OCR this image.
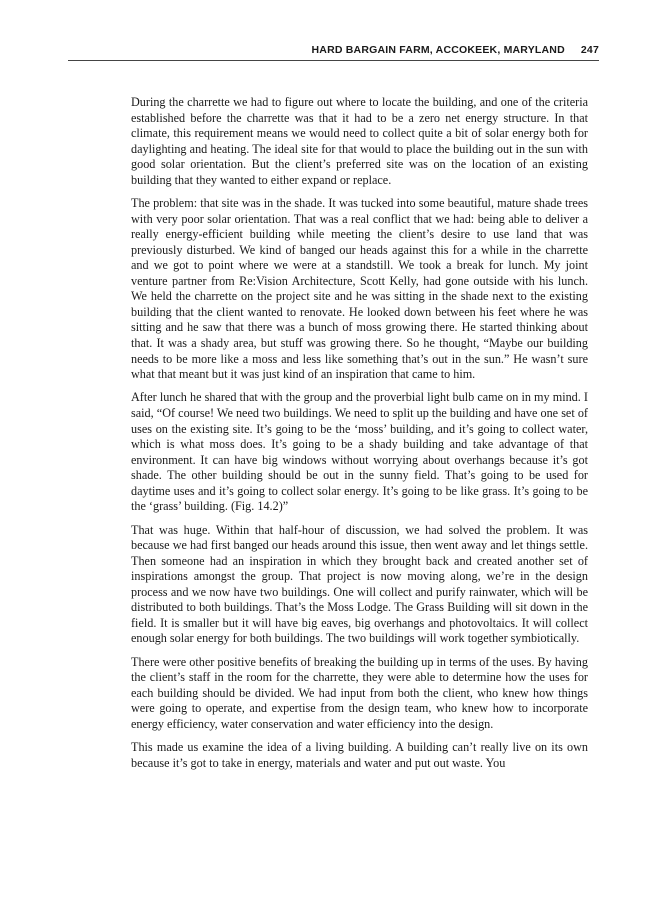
HARD BARGAIN FARM, ACCOKEEK, MARYLAND 247

During the charrette we had to figure out where to locate the building, and one of the criteria established before the charrette was that it had to be a zero net energy structure. In that climate, this requirement means we would need to collect quite a bit of solar energy both for daylighting and heating. The ideal site for that would to place the building out in the sun with good solar orientation. But the client’s preferred site was on the location of an existing building that they wanted to either expand or replace.

The problem: that site was in the shade. It was tucked into some beautiful, mature shade trees with very poor solar orientation. That was a real conflict that we had: being able to deliver a really energy-efficient building while meeting the client’s desire to use land that was previously disturbed. We kind of banged our heads against this for a while in the charrette and we got to point where we were at a standstill. We took a break for lunch. My joint venture partner from Re:Vision Architecture, Scott Kelly, had gone outside with his lunch. We held the charrette on the project site and he was sitting in the shade next to the existing building that the client wanted to renovate. He looked down between his feet where he was sitting and he saw that there was a bunch of moss growing there. He started thinking about that. It was a shady area, but stuff was growing there. So he thought, “Maybe our building needs to be more like a moss and less like something that’s out in the sun.” He wasn’t sure what that meant but it was just kind of an inspiration that came to him.

After lunch he shared that with the group and the proverbial light bulb came on in my mind. I said, “Of course! We need two buildings. We need to split up the building and have one set of uses on the existing site. It’s going to be the ‘moss’ building, and it’s going to collect water, which is what moss does. It’s going to be a shady building and take advantage of that environment. It can have big windows without worrying about overhangs because it’s got shade. The other building should be out in the sunny field. That’s going to be used for daytime uses and it’s going to collect solar energy. It’s going to be like grass. It’s going to be the ‘grass’ building. (Fig. 14.2)”

That was huge. Within that half-hour of discussion, we had solved the problem. It was because we had first banged our heads around this issue, then went away and let things settle. Then someone had an inspiration in which they brought back and created another set of inspirations amongst the group. That project is now moving along, we’re in the design process and we now have two buildings. One will collect and purify rainwater, which will be distributed to both buildings. That’s the Moss Lodge. The Grass Building will sit down in the field. It is smaller but it will have big eaves, big overhangs and photovoltaics. It will collect enough solar energy for both buildings. The two buildings will work together symbiotically.

There were other positive benefits of breaking the building up in terms of the uses. By having the client’s staff in the room for the charrette, they were able to determine how the uses for each building should be divided. We had input from both the client, who knew how things were going to operate, and expertise from the design team, who knew how to incorporate energy efficiency, water conservation and water efficiency into the design.

This made us examine the idea of a living building. A building can’t really live on its own because it’s got to take in energy, materials and water and put out waste. You
